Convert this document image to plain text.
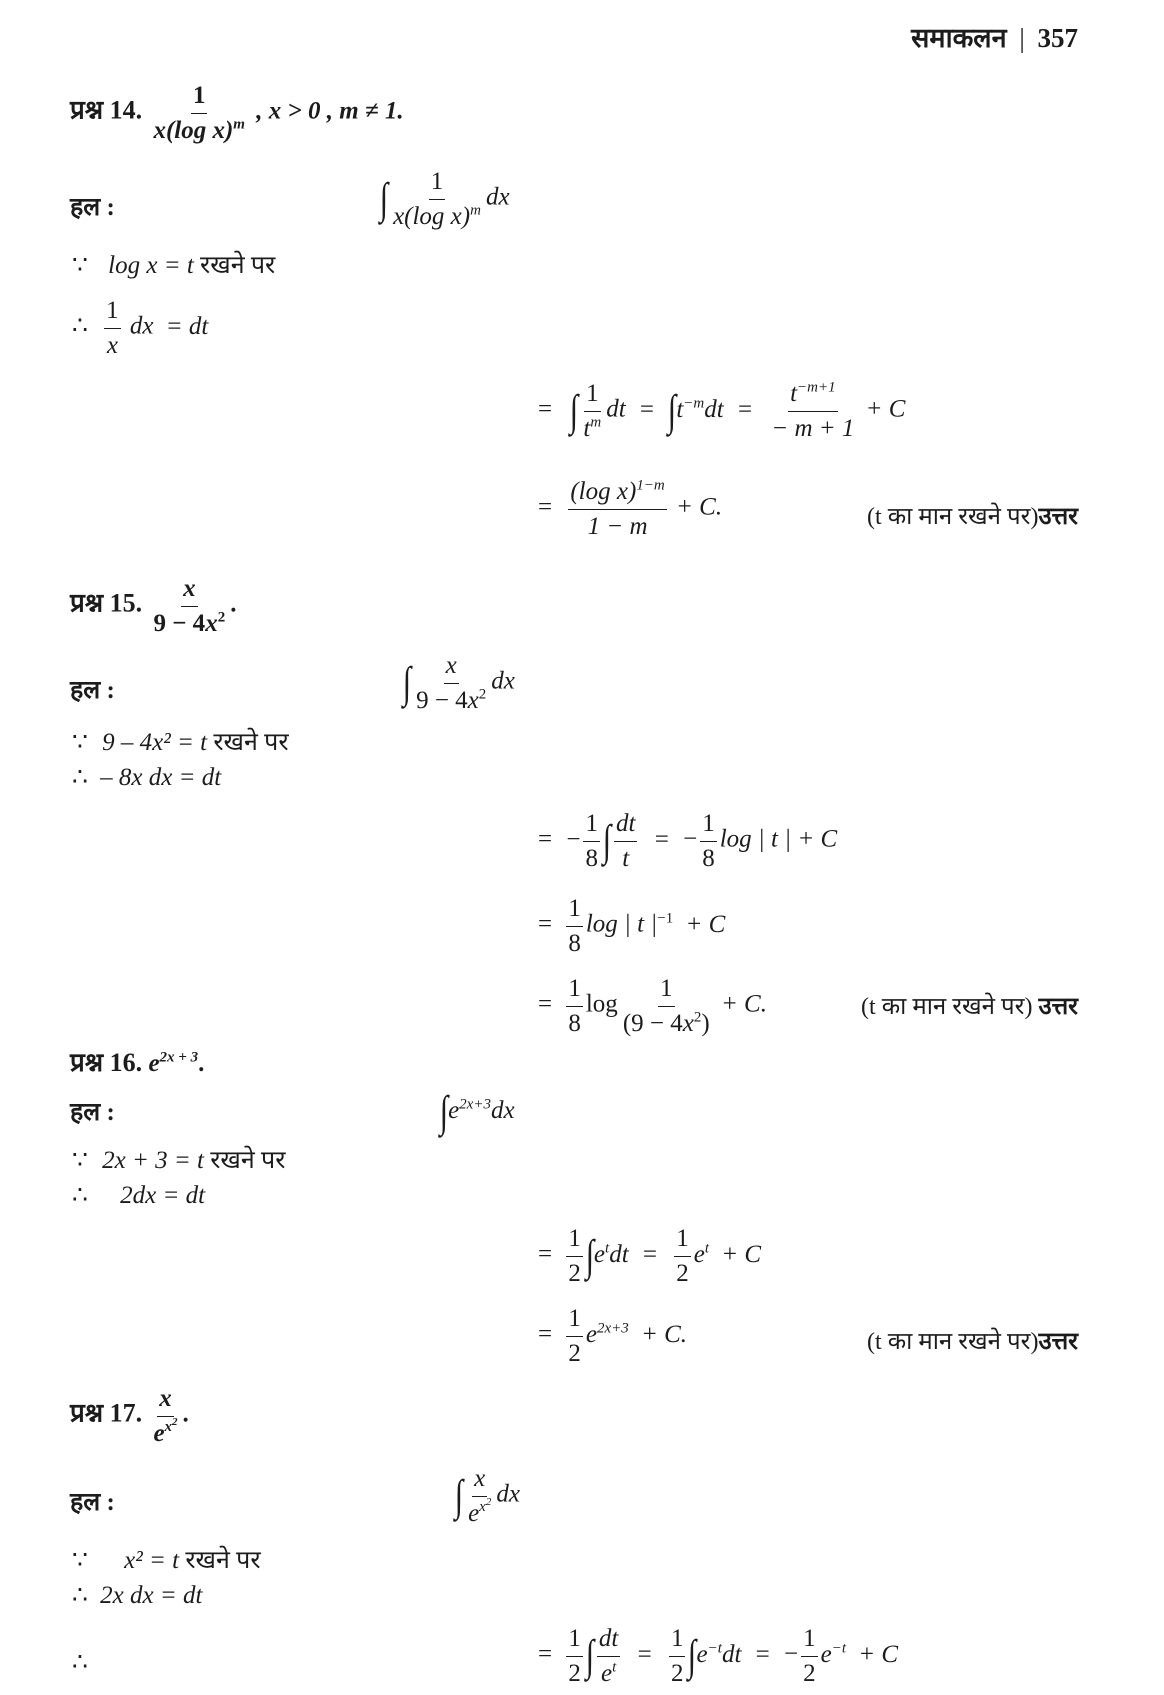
समाकलन | 357
प्रश्न 14. $\frac{1}{x(\log x)^m}$ , x > 0 , m ≠ 1.
हल :	∫ $\frac{1}{x(\log x)^m}$ dx
∵ log x = t रखने पर
∴ $\frac{1}{x}$ dx = dt
= ∫ $\frac{1}{t^m}$ dt = $\int t^{-m}dt = \frac{t^{-m+1}}{- m + 1} + C$
= $\frac{(\log x)^{1-m}}{1 - m} + C$.	(t का मान रखने पर)उत्तर
प्रश्न 15. $\frac{x}{9 - 4x^2}$ .
हल :	∫ $\frac{x}{9 - 4x^2}$ dx
∵ 9 – 4x² = t रखने पर
∴ – 8x dx = dt
= − $\frac{1}{8}$ ∫ $\frac{dt}{t}$ = − $\frac{1}{8}$ log | t | + C
= $\frac{1}{8}$ log | t $|^{-1} + C$
= $\frac{1}{8}$ $\log \frac{1}{(9 - 4x^2)} + C$.	(t का मान रखने पर) उत्तर
प्रश्न 16. $e^{2x + 3}$.
हल :	$\int e^{2x+3}dx$
∵ 2x + 3 = t रखने पर
∴ 2dx = dt
= $\frac{1}{2} \int e^tdt = \frac{1}{2} e^t + C$
= $\frac{1}{2} e^{2x+3} + C$.	(t का मान रखने पर)उत्तर
प्रश्न 17. $\frac{x}{e^{x^2}}$ .
हल :	∫ $\frac{x}{e^{x^2}}$ dx
∵ x² = t रखने पर
∴ 2x dx = dt
∴	= $\frac{1}{2}$ ∫ $\frac{dt}{e^t} = \frac{1}{2} \int e^{-t}dt$ = − $\frac{1}{2} e^{-t} + C$
